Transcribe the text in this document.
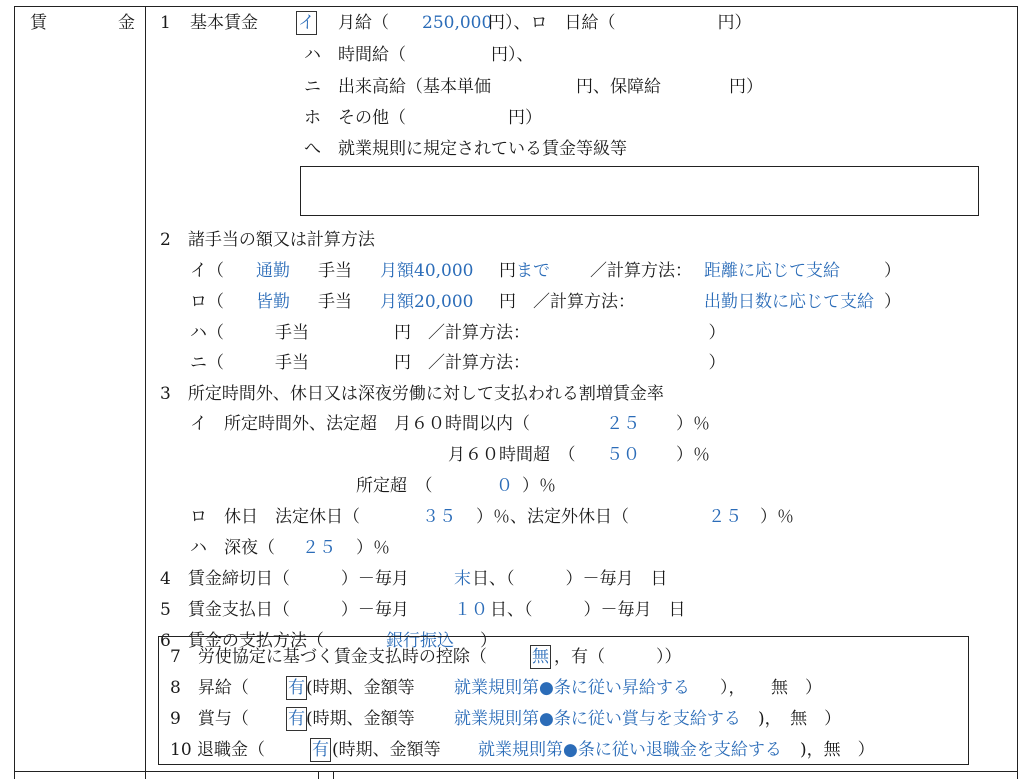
賃	金 1 基本賃金 イ 月給（ 250,000
円）、ロ　日給（　　　　　　円）
ハ　時間給（　　　　　円）、
ニ　出来高給（基本単価　　　　　円、保障給　　　　円）
ホ　その他（　　　　　　円）
へ　就業規則に規定されている賃金等級等
2　諸手当の額又は計算方法
イ（ 通勤 手当 月額40,000 円 まで ／計算方法： 距離に応じて支給	）
ロ（ 皆勤 手当 月額20,000 円　／計算方法：	出勤日数に応じて支給 ）
ハ（　　　手当　　　　　円　／計算方法：　　　　　　　　　　　）
ニ（　　　手当　　　　　円　／計算方法：　　　　　　　　　　　）
3　所定時間外、休日又は深夜労働に対して支払われる割増賃金率
イ　所定時間外、法定超　月６０時間以内（	２５ ）％
月６０時間超　（ ５０ ）％
所定超　（	０ ）％
ロ　休日　法定休日（	３５ ）％、法定外休日（	２５ ）％
ハ　深夜（ ２５ ）％
4　賃金締切日（　　　）－毎月	末 日、（　　　）－毎月　日
5　賃金支払日（　　　）－毎月	１０ 日、（　　　）－毎月　日
6　賃金の支払方法（	銀行振込 ）
7　労使協定に基づく賃金支払時の控除（	無 ，有（　　　））
8　昇給（ 有 (時期、金額等 就業規則第●条に従い昇給する ），　　無　）
9　賞与（ 有 (時期、金額等 就業規則第●条に従い賞与を支給する )，　無　）
10 退職金（	有 (時期、金額等 就業規則第●条に従い退職金を支給する )，無　）
